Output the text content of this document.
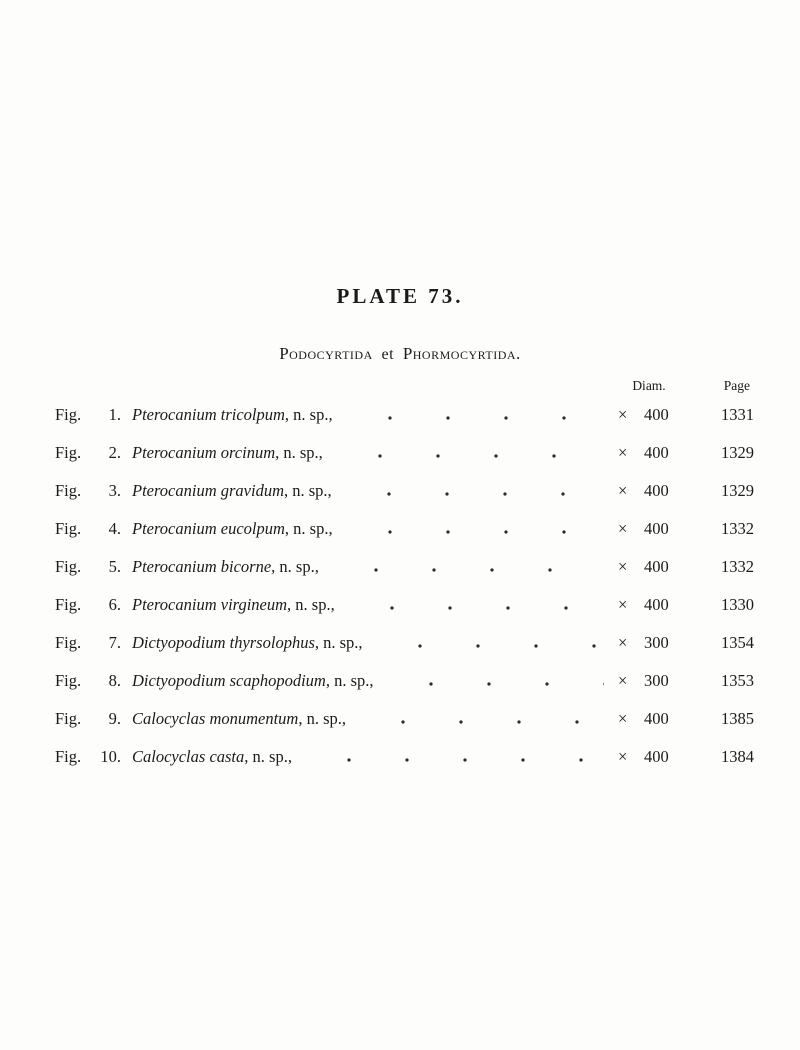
PLATE 73.
Podocyrtida et Phormocyrtida.
Diam.	Page
Fig.	1. Pterocanium tricolpum, n. sp.,	×	400	1331
Fig.	2. Pterocanium orcinum, n. sp.,	×	400	1329
Fig.	3. Pterocanium gravidum, n. sp.,	×	400	1329
Fig.	4. Pterocanium eucolpum, n. sp.,	×	400	1332
Fig.	5. Pterocanium bicorne, n. sp.,	×	400	1332
Fig.	6. Pterocanium virgineum, n. sp.,	×	400	1330
Fig.	7. Dictyopodium thyrsolophus, n. sp.,	×	300	1354
Fig.	8. Dictyopodium scaphopodium, n. sp.,	×	300	1353
Fig.	9. Calocyclas monumentum, n. sp.,	×	400	1385
Fig.	10. Calocyclas casta, n. sp.,	×	400	1384
